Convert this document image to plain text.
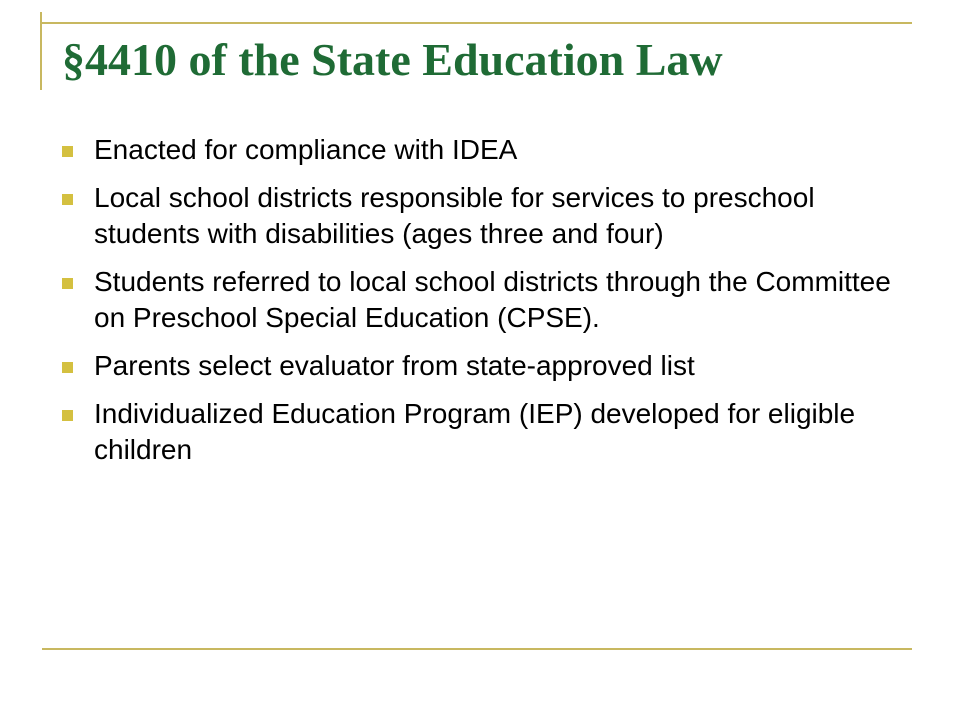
§4410 of the State Education Law
Enacted for compliance with IDEA
Local school districts responsible for services to preschool students with disabilities (ages three and four)
Students referred to local school districts through the Committee on Preschool Special Education (CPSE).
Parents select evaluator from state-approved list
Individualized Education Program (IEP) developed for eligible children
